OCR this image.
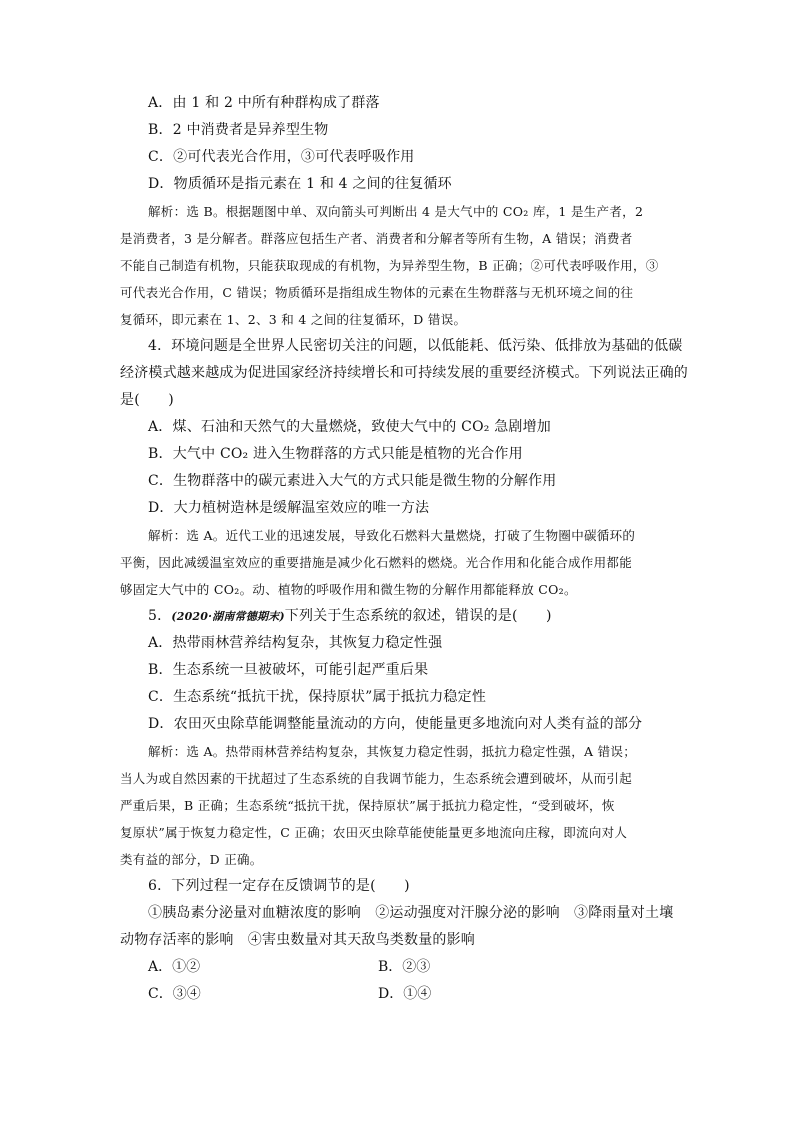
A．由 1 和 2 中所有种群构成了群落
B．2 中消费者是异养型生物
C．②可代表光合作用，③可代表呼吸作用
D．物质循环是指元素在 1 和 4 之间的往复循环
解析：选 B。根据题图中单、双向箭头可判断出 4 是大气中的 CO₂ 库，1 是生产者，2
是消费者，3 是分解者。群落应包括生产者、消费者和分解者等所有生物，A 错误；消费者
不能自己制造有机物，只能获取现成的有机物，为异养型生物，B 正确；②可代表呼吸作用，③
可代表光合作用，C 错误；物质循环是指组成生物体的元素在生物群落与无机环境之间的往
复循环，即元素在 1、2、3 和 4 之间的往复循环，D 错误。
4．环境问题是全世界人民密切关注的问题，以低能耗、低污染、低排放为基础的低碳
经济模式越来越成为促进国家经济持续增长和可持续发展的重要经济模式。下列说法正确的
是(　　)
A．煤、石油和天然气的大量燃烧，致使大气中的 CO₂ 急剧增加
B．大气中 CO₂ 进入生物群落的方式只能是植物的光合作用
C．生物群落中的碳元素进入大气的方式只能是微生物的分解作用
D．大力植树造林是缓解温室效应的唯一方法
解析：选 A。近代工业的迅速发展，导致化石燃料大量燃烧，打破了生物圈中碳循环的
平衡，因此减缓温室效应的重要措施是减少化石燃料的燃烧。光合作用和化能合成作用都能
够固定大气中的 CO₂。动、植物的呼吸作用和微生物的分解作用都能释放 CO₂。
5．(2020·湖南常德期末)下列关于生态系统的叙述，错误的是(　　)
A．热带雨林营养结构复杂，其恢复力稳定性强
B．生态系统一旦被破坏，可能引起严重后果
C．生态系统“抵抗干扰，保持原状”属于抵抗力稳定性
D．农田灭虫除草能调整能量流动的方向，使能量更多地流向对人类有益的部分
解析：选 A。热带雨林营养结构复杂，其恢复力稳定性弱，抵抗力稳定性强，A 错误；
当人为或自然因素的干扰超过了生态系统的自我调节能力，生态系统会遭到破坏，从而引起
严重后果，B 正确；生态系统“抵抗干扰，保持原状”属于抵抗力稳定性，“受到破坏，恢
复原状”属于恢复力稳定性，C 正确；农田灭虫除草能使能量更多地流向庄稼，即流向对人
类有益的部分，D 正确。
6．下列过程一定存在反馈调节的是(　　)
①胰岛素分泌量对血糖浓度的影响　②运动强度对汗腺分泌的影响　③降雨量对土壤
动物存活率的影响　④害虫数量对其天敌鸟类数量的影响
A．①②	B．②③
C．③④	D．①④
